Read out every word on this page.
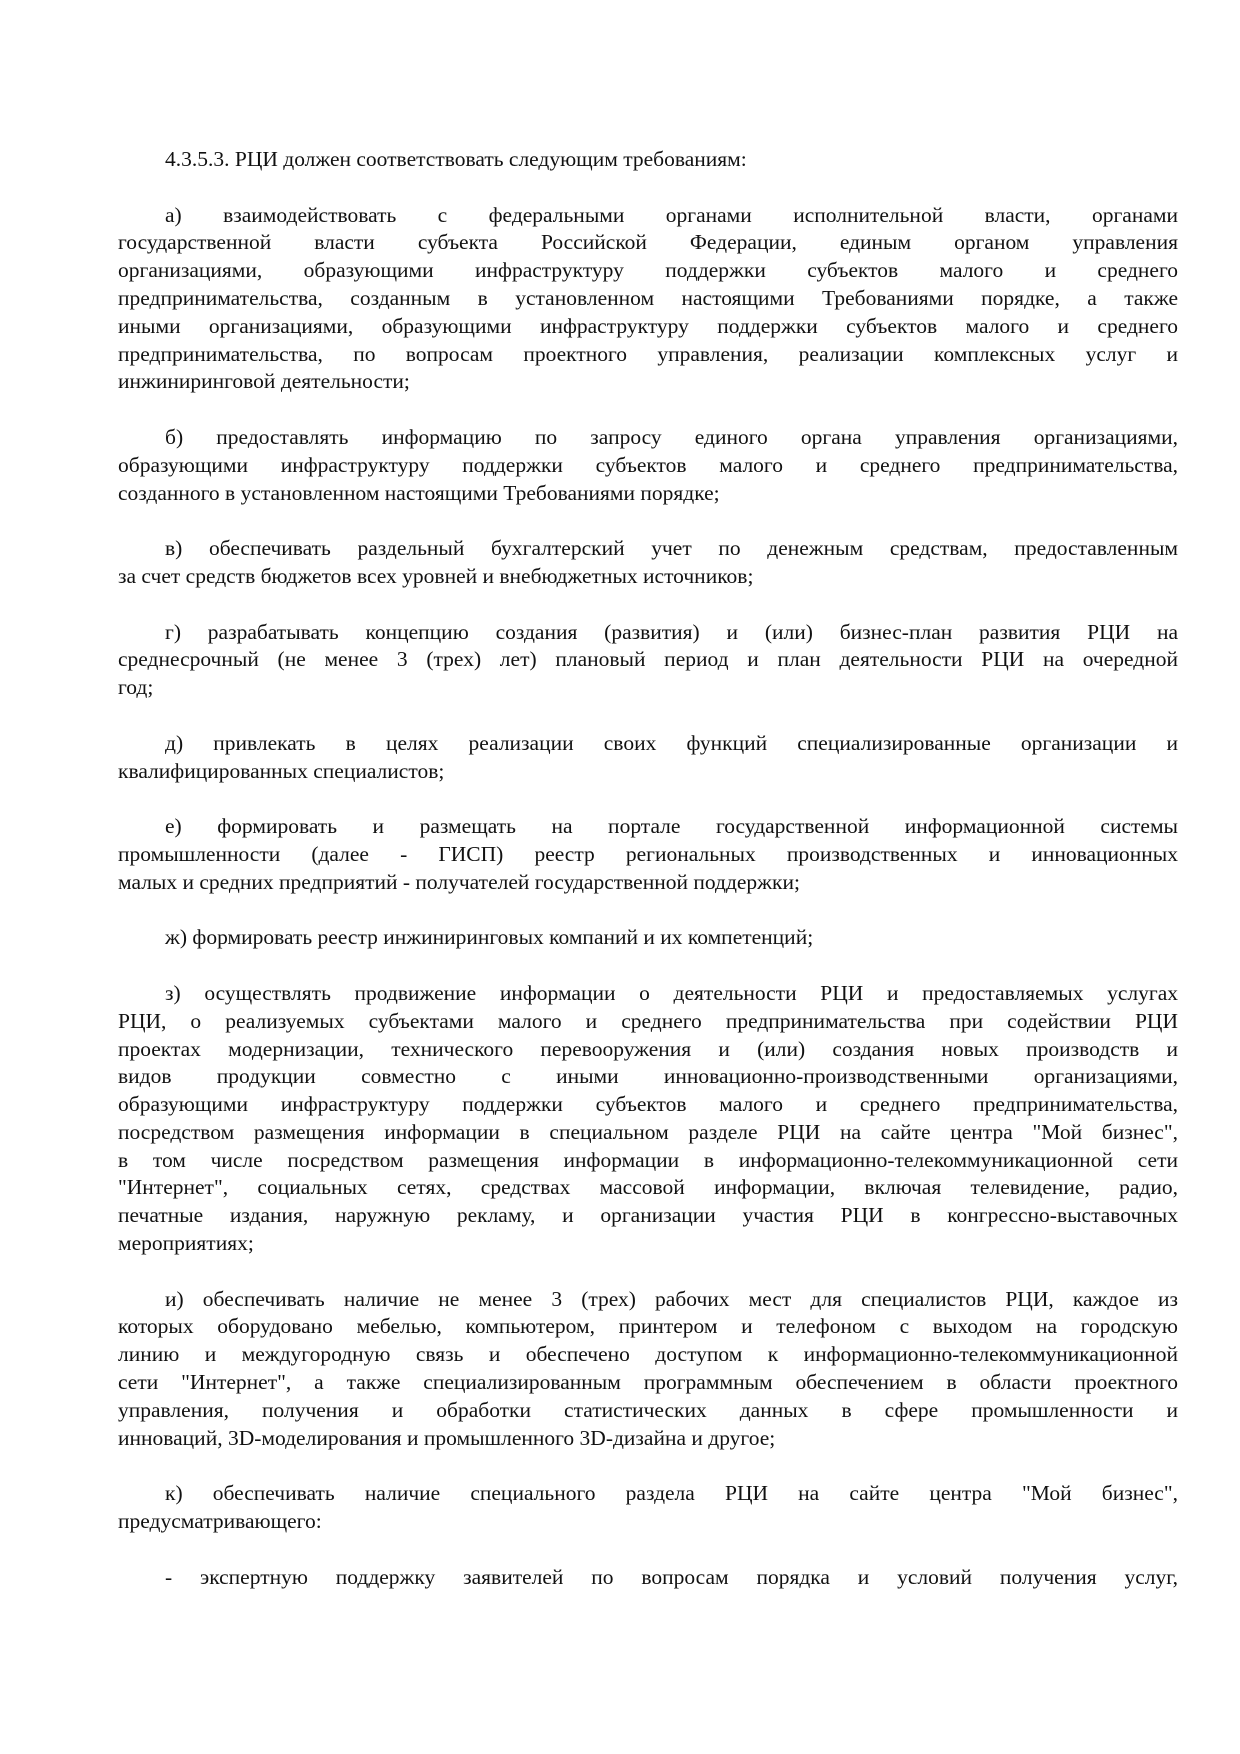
4.3.5.3. РЦИ должен соответствовать следующим требованиям:
а) взаимодействовать с федеральными органами исполнительной власти, органами
государственной власти субъекта Российской Федерации, единым органом управления
организациями, образующими инфраструктуру поддержки субъектов малого и среднего
предпринимательства, созданным в установленном настоящими Требованиями порядке, а также
иными организациями, образующими инфраструктуру поддержки субъектов малого и среднего
предпринимательства, по вопросам проектного управления, реализации комплексных услуг и
инжиниринговой деятельности;
б) предоставлять информацию по запросу единого органа управления организациями,
образующими инфраструктуру поддержки субъектов малого и среднего предпринимательства,
созданного в установленном настоящими Требованиями порядке;
в) обеспечивать раздельный бухгалтерский учет по денежным средствам, предоставленным
за счет средств бюджетов всех уровней и внебюджетных источников;
г) разрабатывать концепцию создания (развития) и (или) бизнес-план развития РЦИ на
среднесрочный (не менее 3 (трех) лет) плановый период и план деятельности РЦИ на очередной
год;
д) привлекать в целях реализации своих функций специализированные организации и
квалифицированных специалистов;
е) формировать и размещать на портале государственной информационной системы
промышленности (далее - ГИСП) реестр региональных производственных и инновационных
малых и средних предприятий - получателей государственной поддержки;
ж) формировать реестр инжиниринговых компаний и их компетенций;
з) осуществлять продвижение информации о деятельности РЦИ и предоставляемых услугах
РЦИ, о реализуемых субъектами малого и среднего предпринимательства при содействии РЦИ
проектах модернизации, технического перевооружения и (или) создания новых производств и
видов продукции совместно с иными инновационно-производственными организациями,
образующими инфраструктуру поддержки субъектов малого и среднего предпринимательства,
посредством размещения информации в специальном разделе РЦИ на сайте центра "Мой бизнес",
в том числе посредством размещения информации в информационно-телекоммуникационной сети
"Интернет", социальных сетях, средствах массовой информации, включая телевидение, радио,
печатные издания, наружную рекламу, и организации участия РЦИ в конгрессно-выставочных
мероприятиях;
и) обеспечивать наличие не менее 3 (трех) рабочих мест для специалистов РЦИ, каждое из
которых оборудовано мебелью, компьютером, принтером и телефоном с выходом на городскую
линию и междугородную связь и обеспечено доступом к информационно-телекоммуникационной
сети "Интернет", а также специализированным программным обеспечением в области проектного
управления, получения и обработки статистических данных в сфере промышленности и
инноваций, 3D-моделирования и промышленного 3D-дизайна и другое;
к) обеспечивать наличие специального раздела РЦИ на сайте центра "Мой бизнес",
предусматривающего:
- экспертную поддержку заявителей по вопросам порядка и условий получения услуг,
